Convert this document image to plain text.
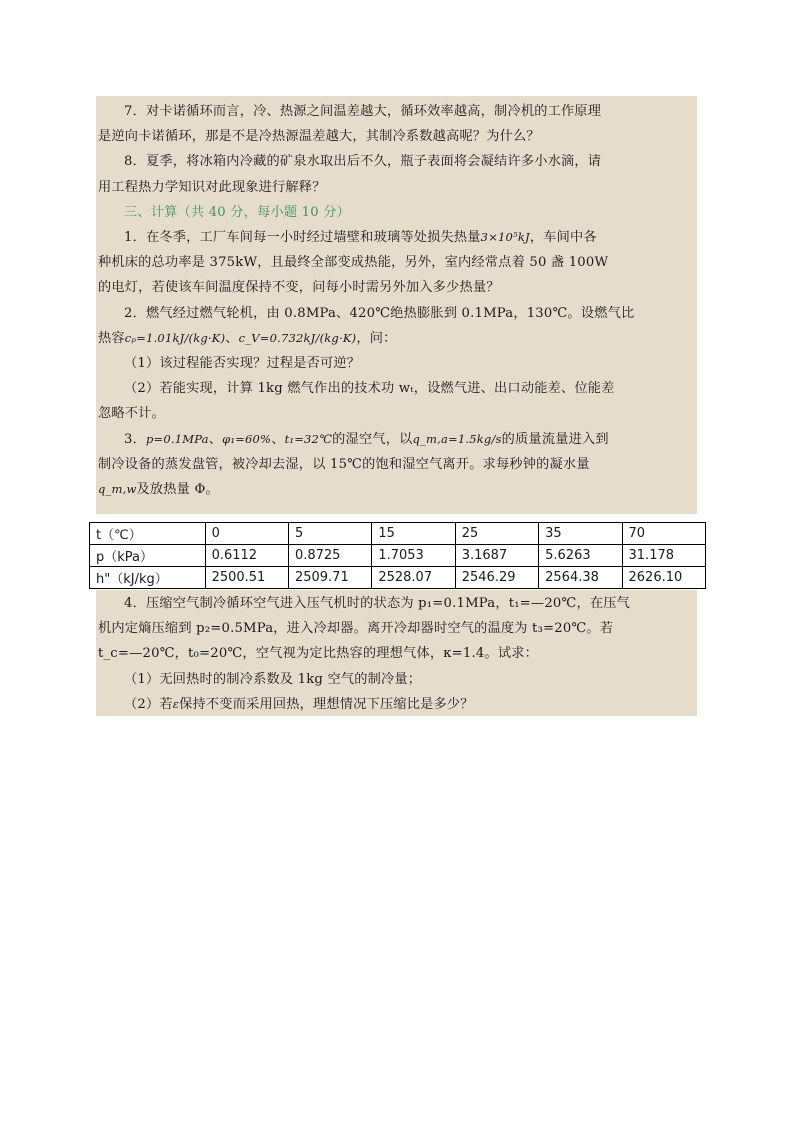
7．对卡诺循环而言，冷、热源之间温差越大，循环效率越高，制冷机的工作原理

是逆向卡诺循环，那是不是冷热源温差越大，其制冷系数越高呢？为什么？

8．夏季，将冰箱内冷藏的矿泉水取出后不久，瓶子表面将会凝结许多小水滴，请

用工程热力学知识对此现象进行解释？

三、计算（共 40 分，每小题 10 分）

1．在冬季，工厂车间每一小时经过墙壁和玻璃等处损失热量3×10⁵kJ，车间中各

种机床的总功率是 375kW，且最终全部变成热能，另外，室内经常点着 50 盏 100W

的电灯，若使该车间温度保持不变，问每小时需另外加入多少热量？

2．燃气经过燃气轮机，由 0.8MPa、420℃绝热膨胀到 0.1MPa，130℃。设燃气比

热容cₚ=1.01kJ/(kg·K)、c_V=0.732kJ/(kg·K)，问：

（1）该过程能否实现？过程是否可逆？

（2）若能实现，计算 1kg 燃气作出的技术功 wₜ，设燃气进、出口动能差、位能差

忽略不计。

3．p=0.1MPa、φ₁=60%、t₁=32℃的湿空气，以q_m,a=1.5kg/s的质量流量进入到

制冷设备的蒸发盘管，被冷却去湿，以 15℃的饱和湿空气离开。求每秒钟的凝水量

q_m,w及放热量 Φ。

t（℃）	0	5	15	25	35	70
p（kPa）	0.6112	0.8725	1.7053	3.1687	5.6263	31.178
h"（kJ/kg）	2500.51	2509.71	2528.07	2546.29	2564.38	2626.10

4．压缩空气制冷循环空气进入压气机时的状态为 p₁=0.1MPa，t₁=—20℃，在压气

机内定熵压缩到 p₂=0.5MPa，进入冷却器。离开冷却器时空气的温度为 t₃=20℃。若

t_c=—20℃，t₀=20℃，空气视为定比热容的理想气体，κ=1.4。试求：

（1）无回热时的制冷系数及 1kg 空气的制冷量；

（2）若ε保持不变而采用回热，理想情况下压缩比是多少？
